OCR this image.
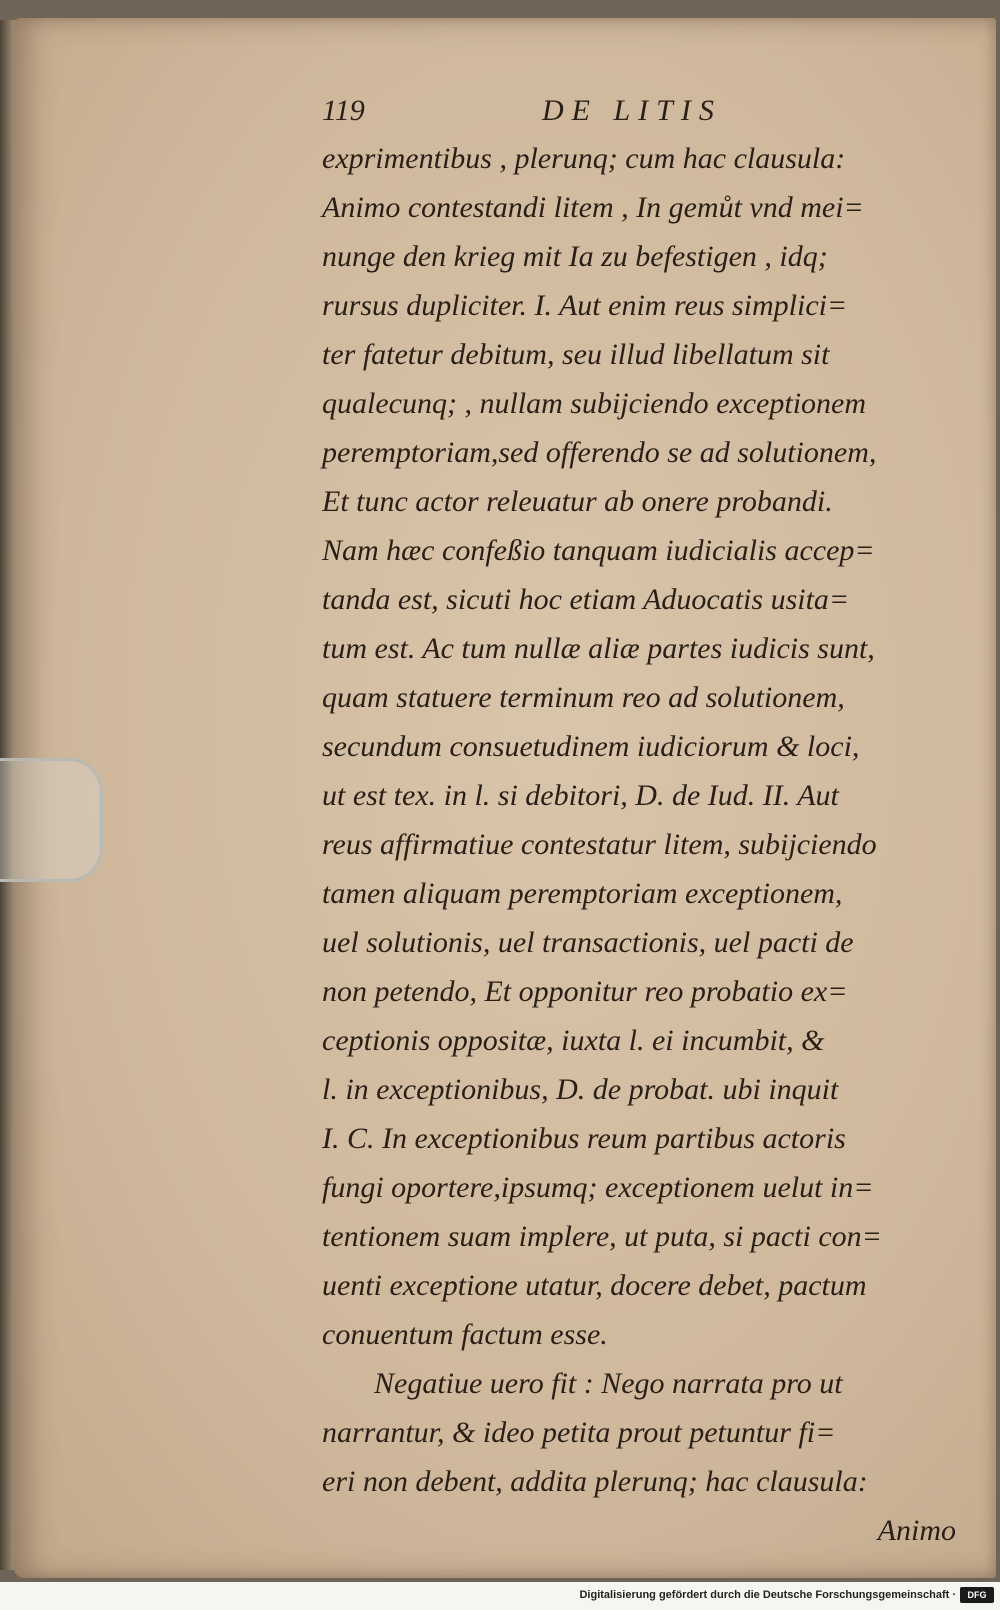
119	DE LITIS
exprimentibus , plerunq; cum hac clausula:
Animo contestandi litem , In gemůt vnd mei=
nunge den krieg mit Ia zu befestigen , idq;
rursus dupliciter. I. Aut enim reus simplici=
ter fatetur debitum, seu illud libellatum sit
qualecunq; , nullam subijciendo exceptionem
peremptoriam,sed offerendo se ad solutionem,
Et tunc actor releuatur ab onere probandi.
Nam hæc confeßio tanquam iudicialis accep=
tanda est, sicuti hoc etiam Aduocatis usita=
tum est. Ac tum nullæ aliæ partes iudicis sunt,
quam statuere terminum reo ad solutionem,
secundum consuetudinem iudiciorum & loci,
ut est tex. in l. si debitori, D. de Iud. II. Aut
reus affirmatiue contestatur litem, subijciendo
tamen aliquam peremptoriam exceptionem,
uel solutionis, uel transactionis, uel pacti de
non petendo, Et opponitur reo probatio ex=
ceptionis oppositæ, iuxta l. ei incumbit, &
l. in exceptionibus, D. de probat. ubi inquit
I. C. In exceptionibus reum partibus actoris
fungi oportere,ipsumq; exceptionem uelut in=
tentionem suam implere, ut puta, si pacti con=
uenti exceptione utatur, docere debet, pactum
conuentum factum esse.
Negatiue uero fit : Nego narrata pro ut
narrantur, & ideo petita prout petuntur fi=
eri non debent, addita plerunq; hac clausula:
Animo
Digitalisierung gefördert durch die Deutsche Forschungsgemeinschaft ·	DFG
